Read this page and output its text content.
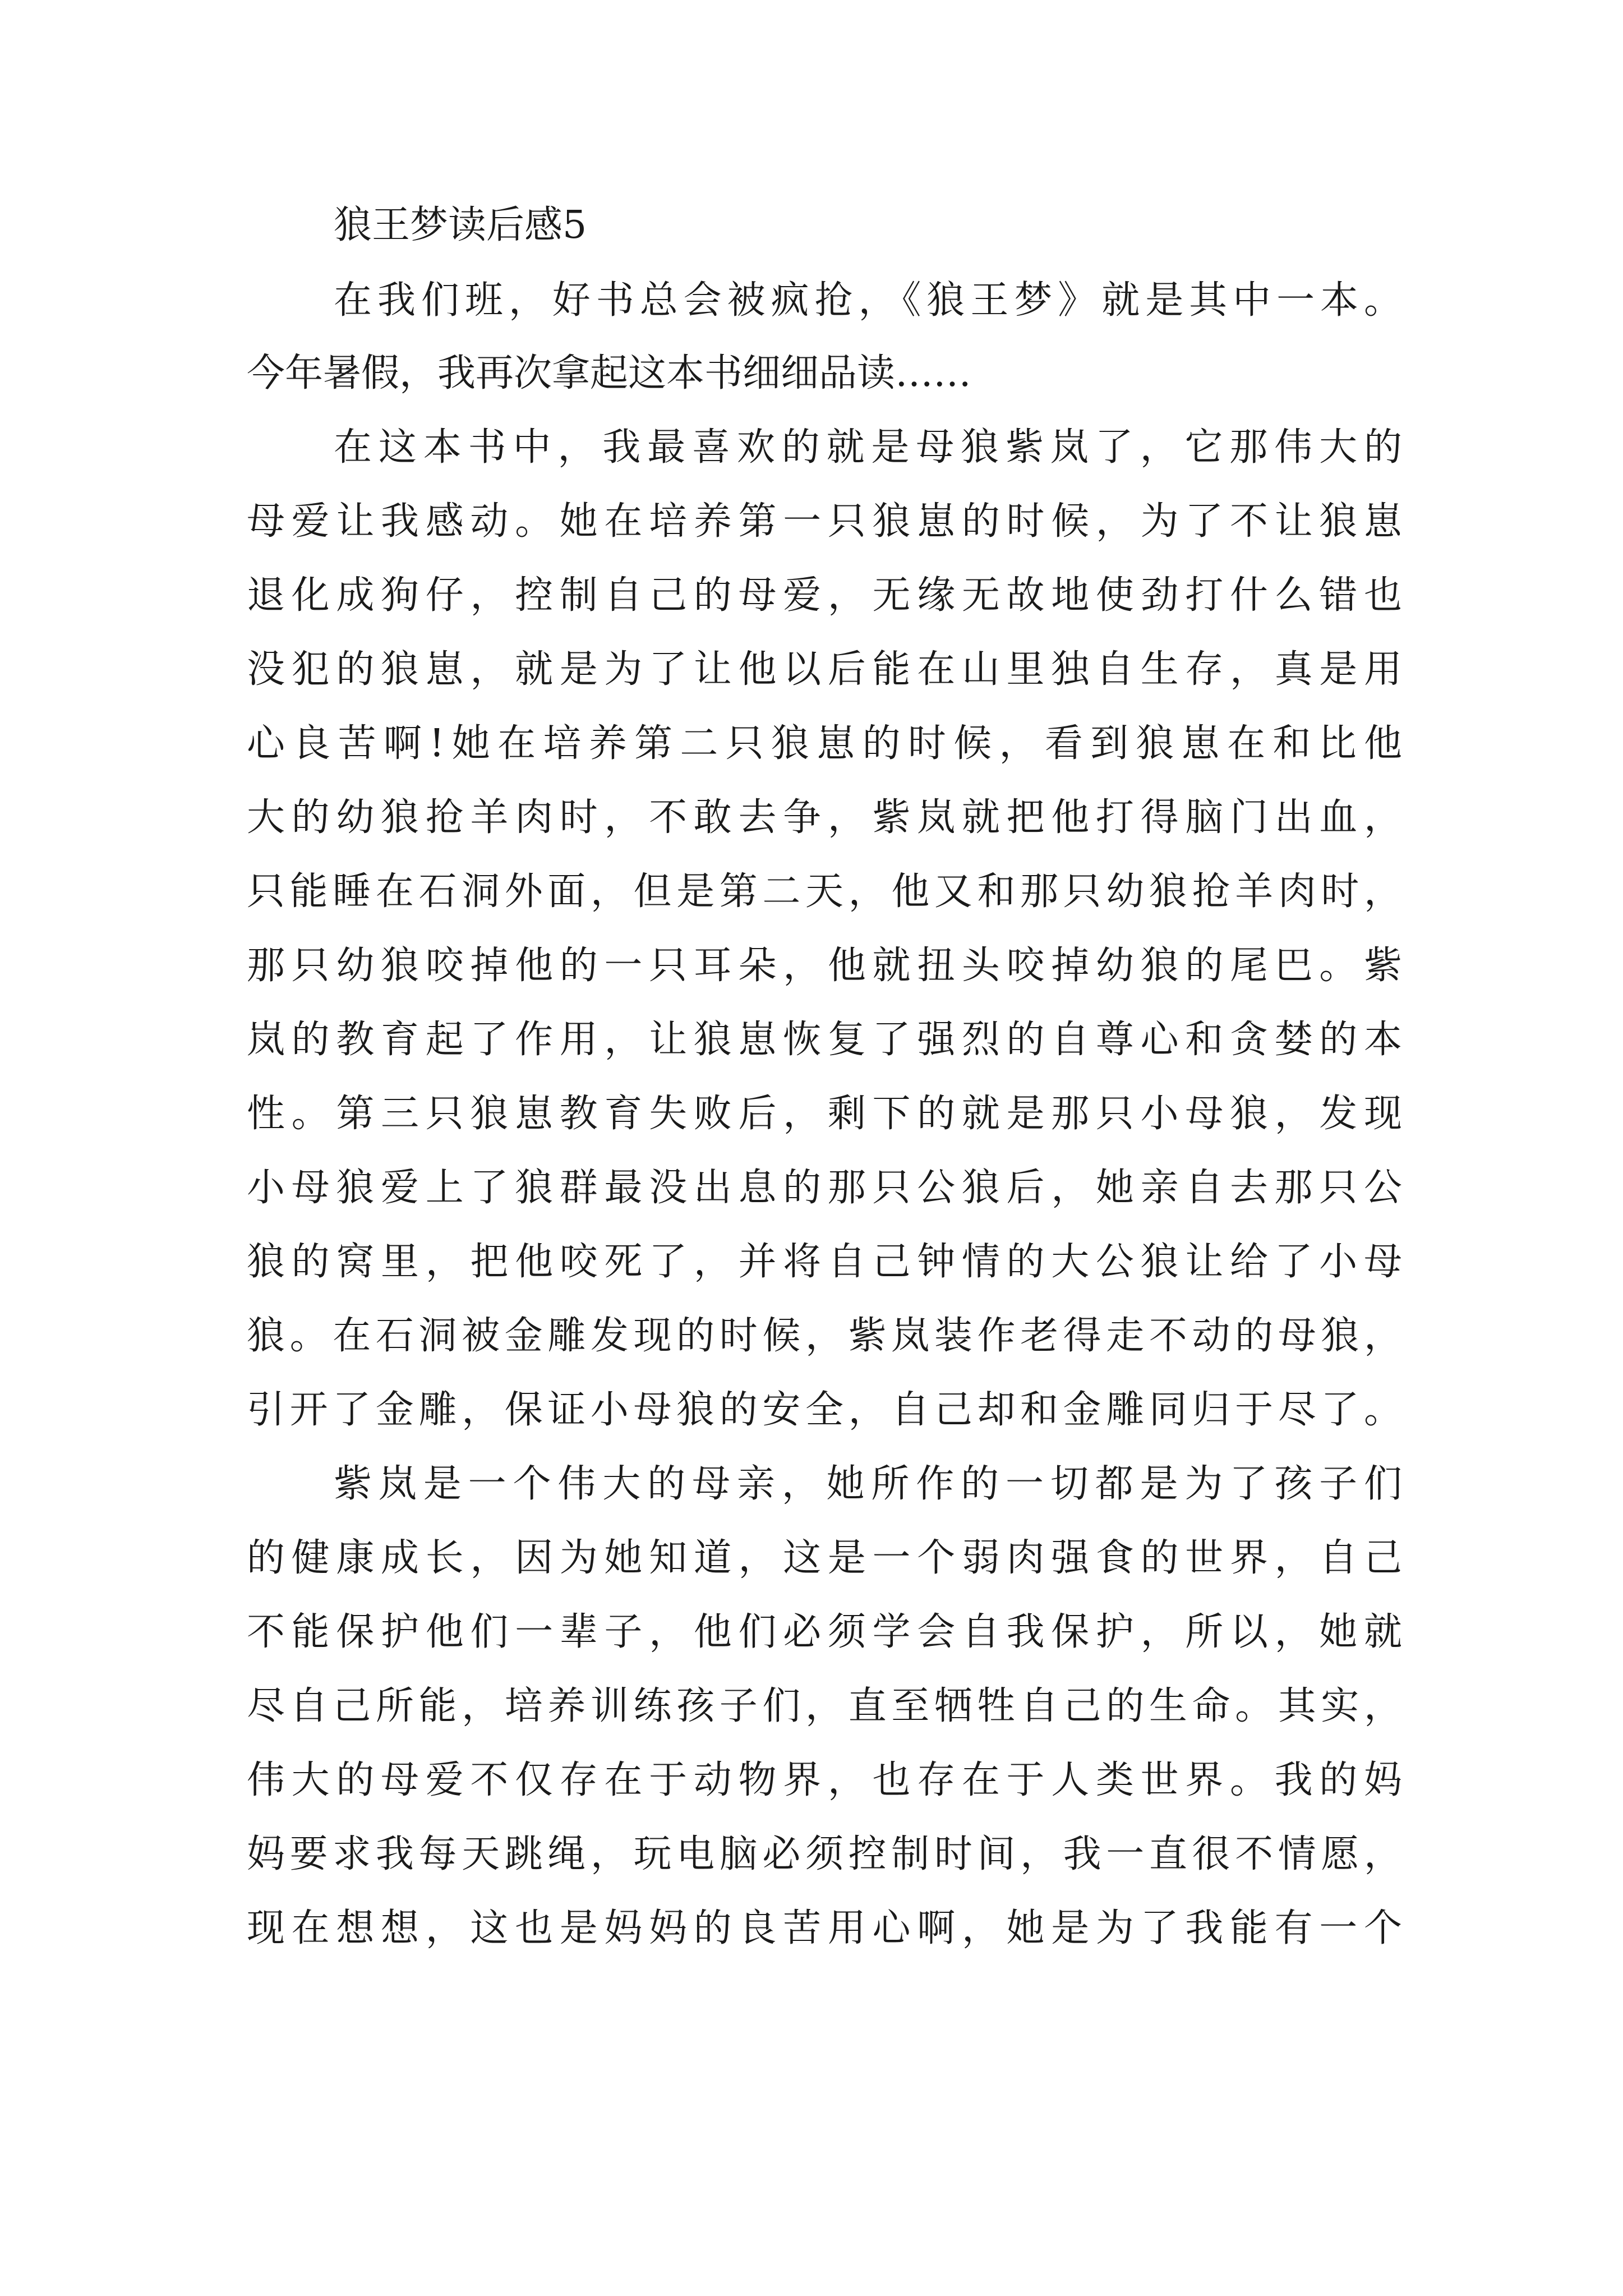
狼王梦读后感5
在我们班，好书总会被疯抢，《狼王梦》就是其中一本。
今年暑假，我再次拿起这本书细细品读……
在这本书中，我最喜欢的就是母狼紫岚了，它那伟大的
母爱让我感动。她在培养第一只狼崽的时候，为了不让狼崽
退化成狗仔，控制自己的母爱，无缘无故地使劲打什么错也
没犯的狼崽，就是为了让他以后能在山里独自生存，真是用
心良苦啊!她在培养第二只狼崽的时候，看到狼崽在和比他
大的幼狼抢羊肉时，不敢去争，紫岚就把他打得脑门出血，
只能睡在石洞外面，但是第二天，他又和那只幼狼抢羊肉时，
那只幼狼咬掉他的一只耳朵，他就扭头咬掉幼狼的尾巴。紫
岚的教育起了作用，让狼崽恢复了强烈的自尊心和贪婪的本
性。第三只狼崽教育失败后，剩下的就是那只小母狼，发现
小母狼爱上了狼群最没出息的那只公狼后，她亲自去那只公
狼的窝里，把他咬死了，并将自己钟情的大公狼让给了小母
狼。在石洞被金雕发现的时候，紫岚装作老得走不动的母狼，
引开了金雕，保证小母狼的安全，自己却和金雕同归于尽了。
紫岚是一个伟大的母亲，她所作的一切都是为了孩子们
的健康成长，因为她知道，这是一个弱肉强食的世界，自己
不能保护他们一辈子，他们必须学会自我保护，所以，她就
尽自己所能，培养训练孩子们，直至牺牲自己的生命。其实，
伟大的母爱不仅存在于动物界，也存在于人类世界。我的妈
妈要求我每天跳绳，玩电脑必须控制时间，我一直很不情愿，
现在想想，这也是妈妈的良苦用心啊，她是为了我能有一个
